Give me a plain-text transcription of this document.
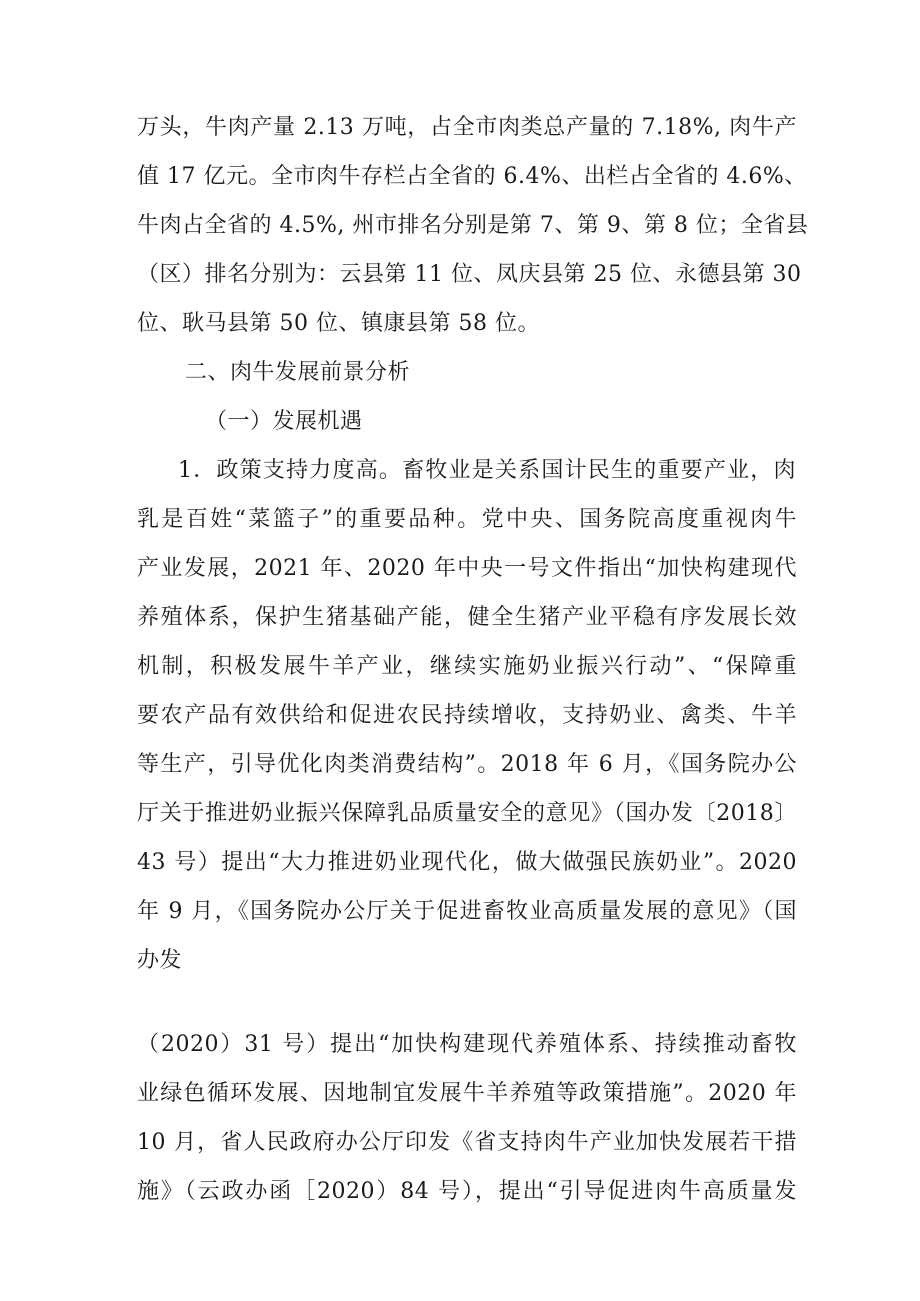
万头，牛肉产量 2.13 万吨，占全市肉类总产量的 7.18%, 肉牛产
值 17 亿元。全市肉牛存栏占全省的 6.4%、出栏占全省的 4.6%、
牛肉占全省的 4.5%, 州市排名分别是第 7、第 9、第 8 位；全省县
（区）排名分别为：云县第 11 位、凤庆县第 25 位、永德县第 30
位、耿马县第 50 位、镇康县第 58 位。
二、肉牛发展前景分析
（一）发展机遇
1．政策支持力度高。畜牧业是关系国计民生的重要产业，肉
乳是百姓“菜篮子”的重要品种。党中央、国务院高度重视肉牛
产业发展，2021 年、2020 年中央一号文件指出“加快构建现代
养殖体系，保护生猪基础产能，健全生猪产业平稳有序发展长效
机制，积极发展牛羊产业，继续实施奶业振兴行动”、“保障重
要农产品有效供给和促进农民持续增收，支持奶业、禽类、牛羊
等生产，引导优化肉类消费结构”。2018 年 6 月，《国务院办公
厅关于推进奶业振兴保障乳品质量安全的意见》（国办发〔2018〕
43 号）提出“大力推进奶业现代化，做大做强民族奶业”。2020
年 9 月，《国务院办公厅关于促进畜牧业高质量发展的意见》（国
办发
（2020）31 号）提出“加快构建现代养殖体系、持续推动畜牧
业绿色循环发展、因地制宜发展牛羊养殖等政策措施”。2020 年
10 月，省人民政府办公厅印发《省支持肉牛产业加快发展若干措
施》（云政办函［2020）84 号），提出“引导促进肉牛高质量发
